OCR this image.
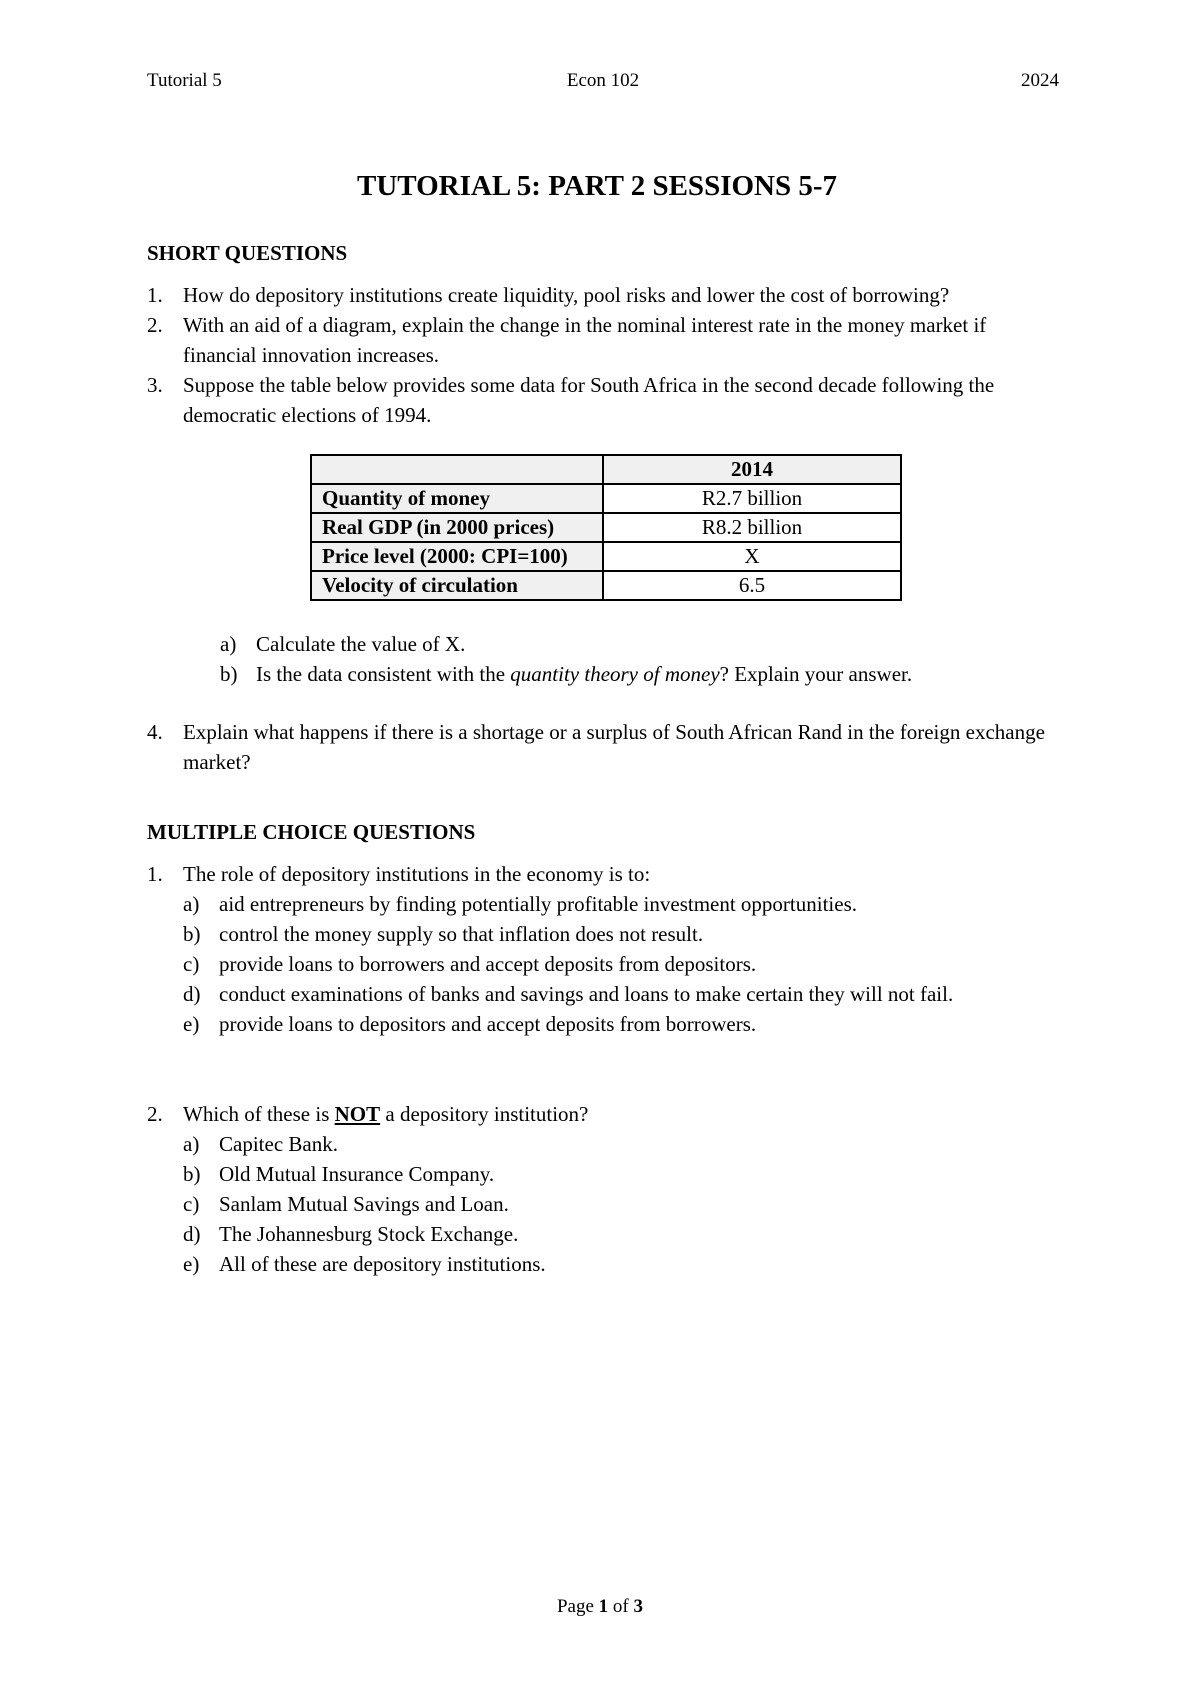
Tutorial 5	Econ 102	2024
TUTORIAL 5: PART 2 SESSIONS 5-7
SHORT QUESTIONS
1. How do depository institutions create liquidity, pool risks and lower the cost of borrowing?
2. With an aid of a diagram, explain the change in the nominal interest rate in the money market if financial innovation increases.
3. Suppose the table below provides some data for South Africa in the second decade following the democratic elections of 1994.
	2014
Quantity of money	R2.7 billion
Real GDP (in 2000 prices)	R8.2 billion
Price level (2000: CPI=100)	X
Velocity of circulation	6.5
a) Calculate the value of X.
b) Is the data consistent with the quantity theory of money? Explain your answer.
4. Explain what happens if there is a shortage or a surplus of South African Rand in the foreign exchange market?
MULTIPLE CHOICE QUESTIONS
1. The role of depository institutions in the economy is to:
a) aid entrepreneurs by finding potentially profitable investment opportunities.
b) control the money supply so that inflation does not result.
c) provide loans to borrowers and accept deposits from depositors.
d) conduct examinations of banks and savings and loans to make certain they will not fail.
e) provide loans to depositors and accept deposits from borrowers.
2. Which of these is NOT a depository institution?
a) Capitec Bank.
b) Old Mutual Insurance Company.
c) Sanlam Mutual Savings and Loan.
d) The Johannesburg Stock Exchange.
e) All of these are depository institutions.
Page 1 of 3
